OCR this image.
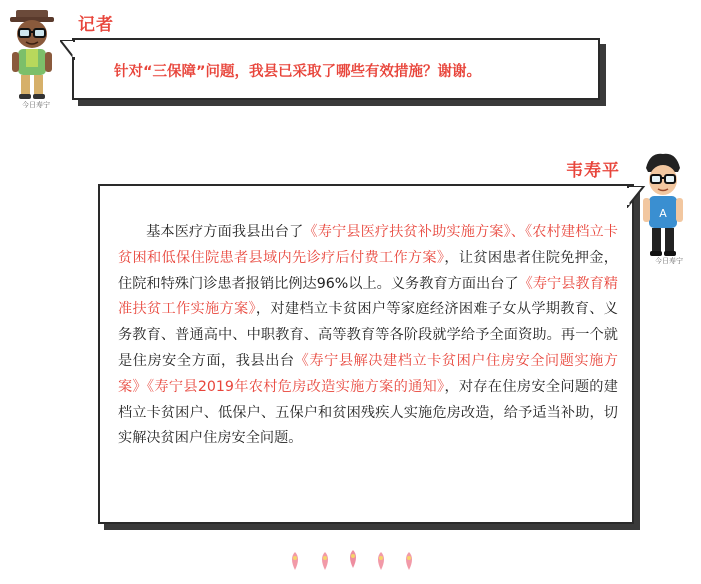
今日寿宁
记者
针对“三保障”问题，我县已采取了哪些有效措施？谢谢。
韦寿平
基本医疗方面我县出台了《寿宁县医疗扶贫补助实施方案》、《农村建档立卡贫困和低保住院患者县域内先诊疗后付费工作方案》，让贫困患者住院免押金，住院和特殊门诊患者报销比例达96%以上。义务教育方面出台了《寿宁县教育精准扶贫工作实施方案》，对建档立卡贫困户等家庭经济困难子女从学期教育、义务教育、普通高中、中职教育、高等教育等各阶段就学给予全面资助。再一个就是住房安全方面，我县出台《寿宁县解决建档立卡贫困户住房安全问题实施方案》《寿宁县2019年农村危房改造实施方案的通知》，对存在住房安全问题的建档立卡贫困户、低保户、五保户和贫困残疾人实施危房改造，给予适当补助，切实解决贫困户住房安全问题。
A
今日寿宁
